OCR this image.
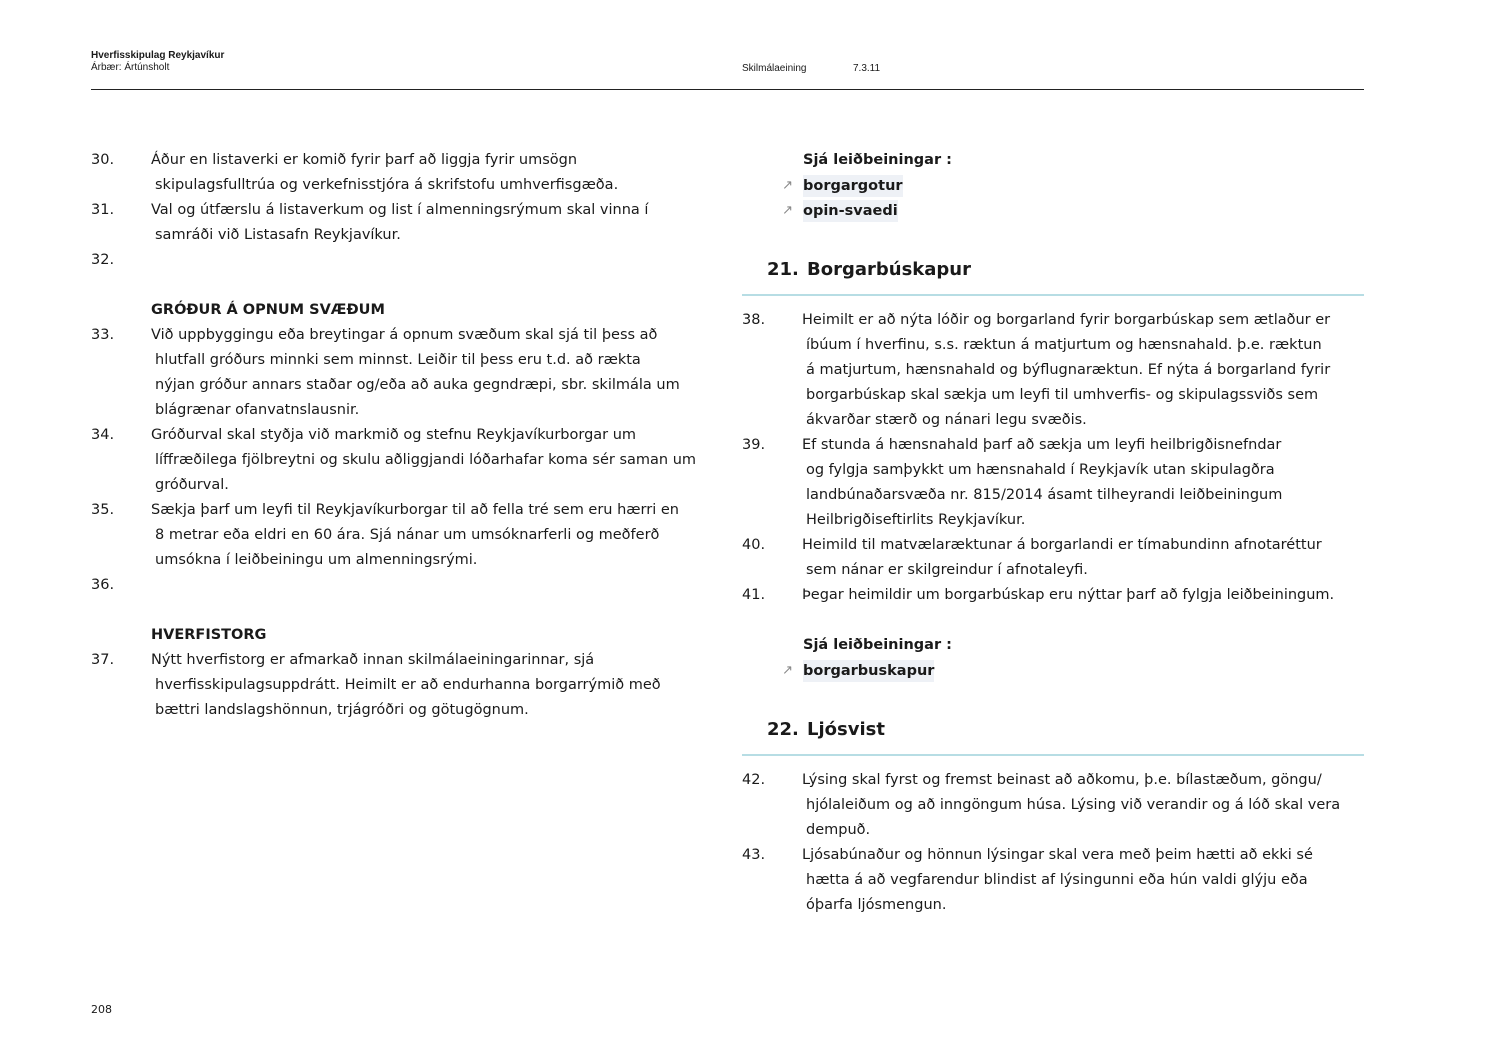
Hverfisskipulag Reykjavíkur
Árbær: Ártúnsholt	Skilmálaeining	7.3.11
30.	Áður en listaverki er komið fyrir þarf að liggja fyrir umsögn
skipulagsfulltrúa og verkefnisstjóra á skrifstofu umhverfisgæða.
31.	Val og útfærslu á listaverkum og list í almenningsrýmum skal vinna í
samráði við Listasafn Reykjavíkur.
32.
GRÓÐUR Á OPNUM SVÆÐUM
33.	Við uppbyggingu eða breytingar á opnum svæðum skal sjá til þess að
hlutfall gróðurs minnki sem minnst. Leiðir til þess eru t.d. að rækta
nýjan gróður annars staðar og/eða að auka gegndræpi, sbr. skilmála um
blágrænar ofanvatnslausnir.
34.	Gróðurval skal styðja við markmið og stefnu Reykjavíkurborgar um
líffræðilega fjölbreytni og skulu aðliggjandi lóðarhafar koma sér saman um
gróðurval.
35.	Sækja þarf um leyfi til Reykjavíkurborgar til að fella tré sem eru hærri en
8 metrar eða eldri en 60 ára. Sjá nánar um umsóknarferli og meðferð
umsókna í leiðbeiningu um almenningsrými.
36.
HVERFISTORG
37.	Nýtt hverfistorg er afmarkað innan skilmálaeiningarinnar, sjá
hverfisskipulagsuppdrátt. Heimilt er að endurhanna borgarrýmið með
bættri landslagshönnun, trjágróðri og götugögnum.
Sjá leiðbeiningar :
↗ borgargotur
↗ opin-svaedi
21. Borgarbúskapur
38.	Heimilt er að nýta lóðir og borgarland fyrir borgarbúskap sem ætlaður er
íbúum í hverfinu, s.s. ræktun á matjurtum og hænsnahald. þ.e. ræktun
á matjurtum, hænsnahald og býflugnaræktun. Ef nýta á borgarland fyrir
borgarbúskap skal sækja um leyfi til umhverfis- og skipulagssviðs sem
ákvarðar stærð og nánari legu svæðis.
39.	Ef stunda á hænsnahald þarf að sækja um leyfi heilbrigðisnefndar
og fylgja samþykkt um hænsnahald í Reykjavík utan skipulagðra
landbúnaðarsvæða nr. 815/2014 ásamt tilheyrandi leiðbeiningum
Heilbrigðiseftirlits Reykjavíkur.
40.	Heimild til matvælaræktunar á borgarlandi er tímabundinn afnotaréttur
sem nánar er skilgreindur í afnotaleyfi.
41.	Þegar heimildir um borgarbúskap eru nýttar þarf að fylgja leiðbeiningum.
Sjá leiðbeiningar :
↗ borgarbuskapur
22. Ljósvist
42.	Lýsing skal fyrst og fremst beinast að aðkomu, þ.e. bílastæðum, göngu/
hjólaleiðum og að inngöngum húsa. Lýsing við verandir og á lóð skal vera
dempuð.
43.	Ljósabúnaður og hönnun lýsingar skal vera með þeim hætti að ekki sé
hætta á að vegfarendur blindist af lýsingunni eða hún valdi glýju eða
óþarfa ljósmengun.
208
